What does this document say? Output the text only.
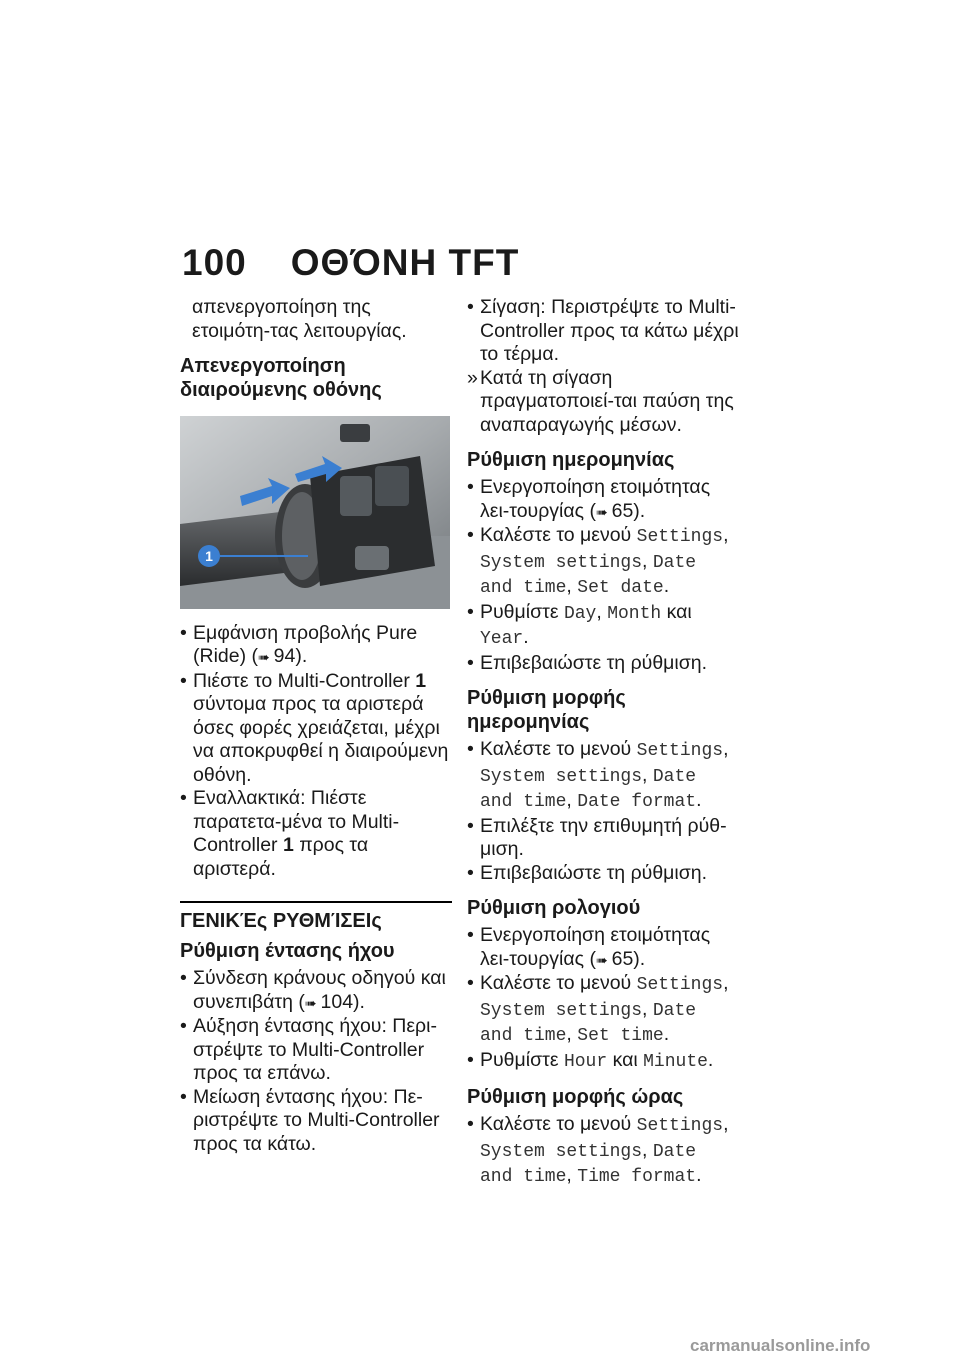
100 ΟΘΌΝΗ TFT

απενεργοποίηση της ετοιμότη-τας λειτουργίας.

Απενεργοποίηση διαιρούμενης οθόνης
1
• Εμφάνιση προβολής Pure (Ride) (➠ 94).
• Πιέστε το Multi-Controller 1 σύντομα προς τα αριστερά όσες φορές χρειάζεται, μέχρι να αποκρυφθεί η διαιρούμενη οθόνη.
• Εναλλακτικά: Πιέστε παρατετα-μένα το Multi-Controller 1 προς τα αριστερά.
ΓΕΝΙΚΈς ΡΥΘΜΊΣΕΙς
Ρύθμιση έντασης ήχου
• Σύνδεση κράνους οδηγού και συνεπιβάτη (➠ 104).
• Αύξηση έντασης ήχου: Περι-στρέψτε το Multi-Controller προς τα επάνω.
• Μείωση έντασης ήχου: Πε-ριστρέψτε το Multi-Controller προς τα κάτω.
• Σίγαση: Περιστρέψτε το Multi-Controller προς τα κάτω μέχρι το τέρμα.
» Κατά τη σίγαση πραγματοποιεί-ται παύση της αναπαραγωγής μέσων.
Ρύθμιση ημερομηνίας
• Ενεργοποίηση ετοιμότητας λει-τουργίας (➠ 65).
• Καλέστε το μενού Settings, System settings, Date and time, Set date.
• Ρυθμίστε Day, Month και Year.
• Επιβεβαιώστε τη ρύθμιση.
Ρύθμιση μορφής ημερομηνίας
• Καλέστε το μενού Settings, System settings, Date and time, Date format.
• Επιλέξτε την επιθυμητή ρύθ-μιση.
• Επιβεβαιώστε τη ρύθμιση.
Ρύθμιση ρολογιού
• Ενεργοποίηση ετοιμότητας λει-τουργίας (➠ 65).
• Καλέστε το μενού Settings, System settings, Date and time, Set time.
• Ρυθμίστε Hour και Minute.
Ρύθμιση μορφής ώρας
• Καλέστε το μενού Settings, System settings, Date and time, Time format.
carmanualsonline.info
